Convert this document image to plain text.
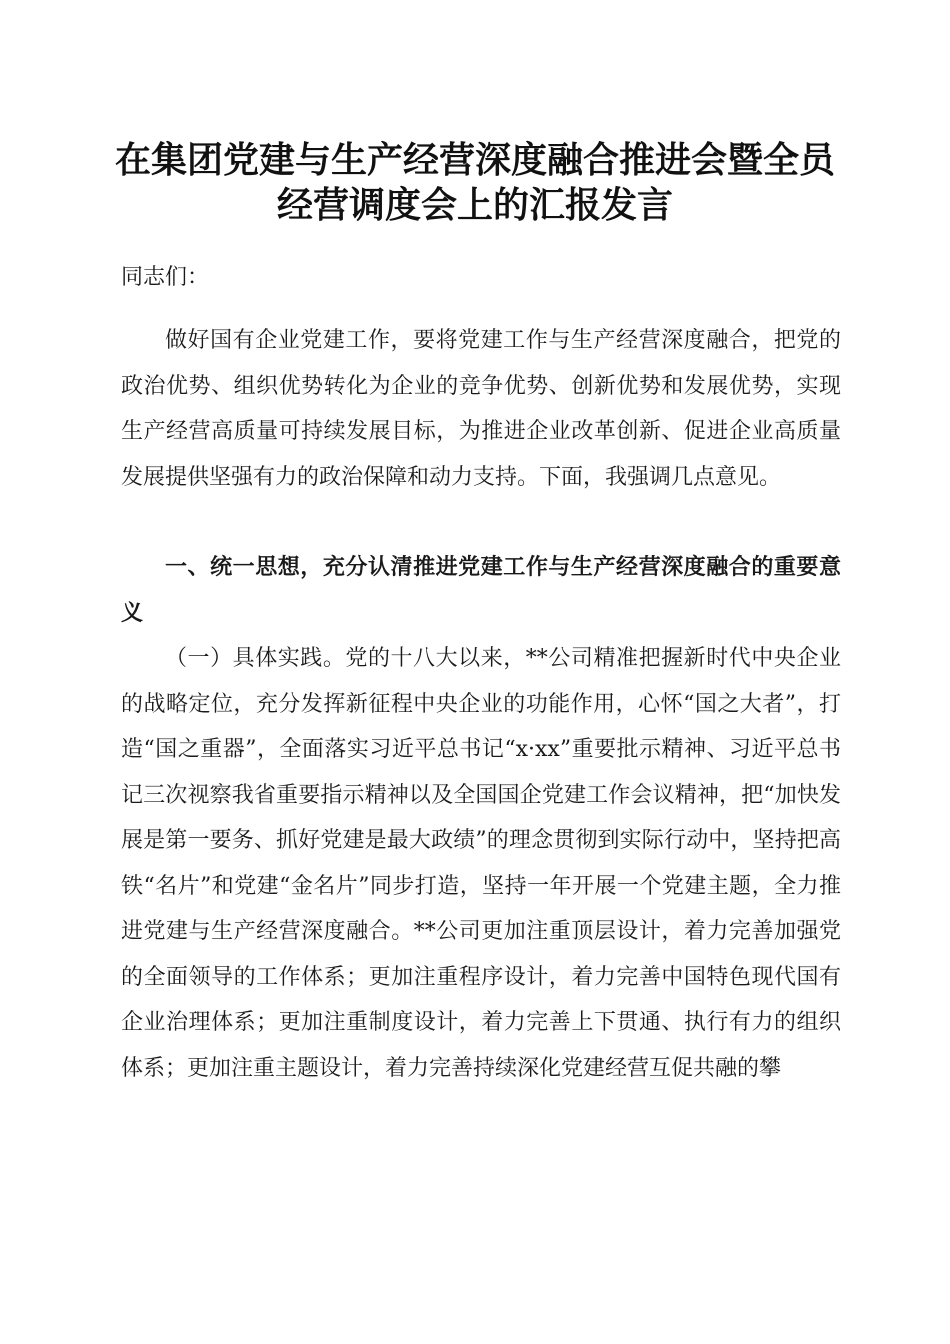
在集团党建与生产经营深度融合推进会暨全员
经营调度会上的汇报发言
同志们：

做好国有企业党建工作，要将党建工作与生产经营深度融合，把党的政治优势、组织优势转化为企业的竞争优势、创新优势和发展优势，实现生产经营高质量可持续发展目标，为推进企业改革创新、促进企业高质量发展提供坚强有力的政治保障和动力支持。下面，我强调几点意见。

一、统一思想，充分认清推进党建工作与生产经营深度融合的重要意义

（一）具体实践。党的十八大以来，**公司精准把握新时代中央企业的战略定位，充分发挥新征程中央企业的功能作用，心怀“国之大者”，打造“国之重器”，全面落实习近平总书记“x·xx”重要批示精神、习近平总书记三次视察我省重要指示精神以及全国国企党建工作会议精神，把“加快发展是第一要务、抓好党建是最大政绩”的理念贯彻到实际行动中，坚持把高铁“名片”和党建“金名片”同步打造，坚持一年开展一个党建主题，全力推进党建与生产经营深度融合。**公司更加注重顶层设计，着力完善加强党的全面领导的工作体系；更加注重程序设计，着力完善中国特色现代国有企业治理体系；更加注重制度设计，着力完善上下贯通、执行有力的组织体系；更加注重主题设计，着力完善持续深化党建经营互促共融的攀
